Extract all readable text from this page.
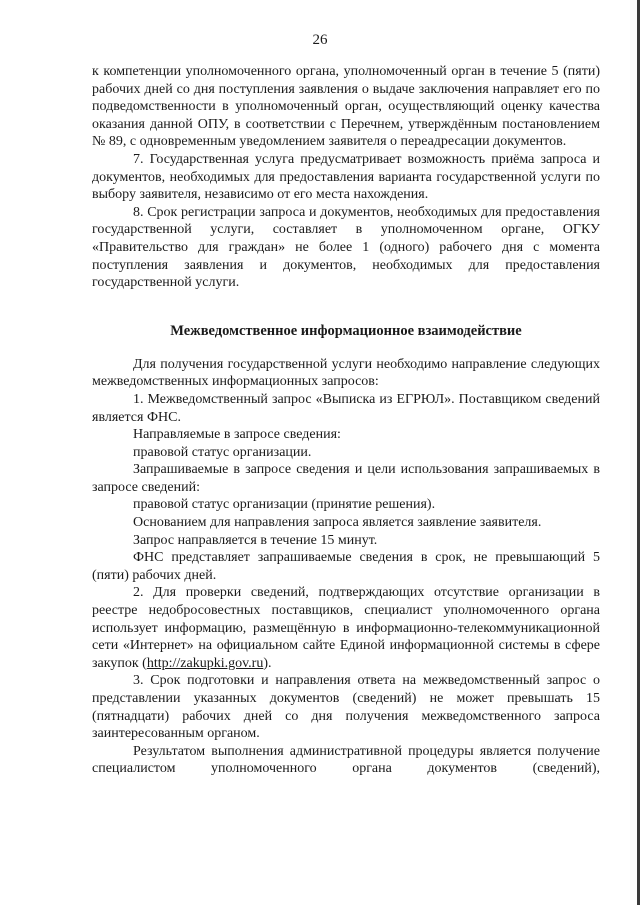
26

к компетенции уполномоченного органа, уполномоченный орган в течение 5 (пяти) рабочих дней со дня поступления заявления о выдаче заключения направляет его по подведомственности в уполномоченный орган, осуществляющий оценку качества оказания данной ОПУ, в соответствии с Перечнем, утверждённым постановлением № 89, с одновременным уведомлением заявителя о переадресации документов.

7. Государственная услуга предусматривает возможность приёма запроса и документов, необходимых для предоставления варианта государственной услуги по выбору заявителя, независимо от его места нахождения.

8. Срок регистрации запроса и документов, необходимых для предоставления государственной услуги, составляет в уполномоченном органе, ОГКУ «Правительство для граждан» не более 1 (одного) рабочего дня с момента поступления заявления и документов, необходимых для предоставления государственной услуги.

Межведомственное информационное взаимодействие

Для получения государственной услуги необходимо направление следующих межведомственных информационных запросов:

1. Межведомственный запрос «Выписка из ЕГРЮЛ». Поставщиком сведений является ФНС.

Направляемые в запросе сведения:

правовой статус организации.

Запрашиваемые в запросе сведения и цели использования запрашиваемых в запросе сведений:

правовой статус организации (принятие решения).

Основанием для направления запроса является заявление заявителя.

Запрос направляется в течение 15 минут.

ФНС представляет запрашиваемые сведения в срок, не превышающий 5 (пяти) рабочих дней.

2. Для проверки сведений, подтверждающих отсутствие организации в реестре недобросовестных поставщиков, специалист уполномоченного органа использует информацию, размещённую в информационно-телекоммуникационной сети «Интернет» на официальном сайте Единой информационной системы в сфере закупок (http://zakupki.gov.ru).

3. Срок подготовки и направления ответа на межведомственный запрос о представлении указанных документов (сведений) не может превышать 15 (пятнадцати) рабочих дней со дня получения межведомственного запроса заинтересованным органом.

Результатом выполнения административной процедуры является получение специалистом уполномоченного органа документов (сведений),
